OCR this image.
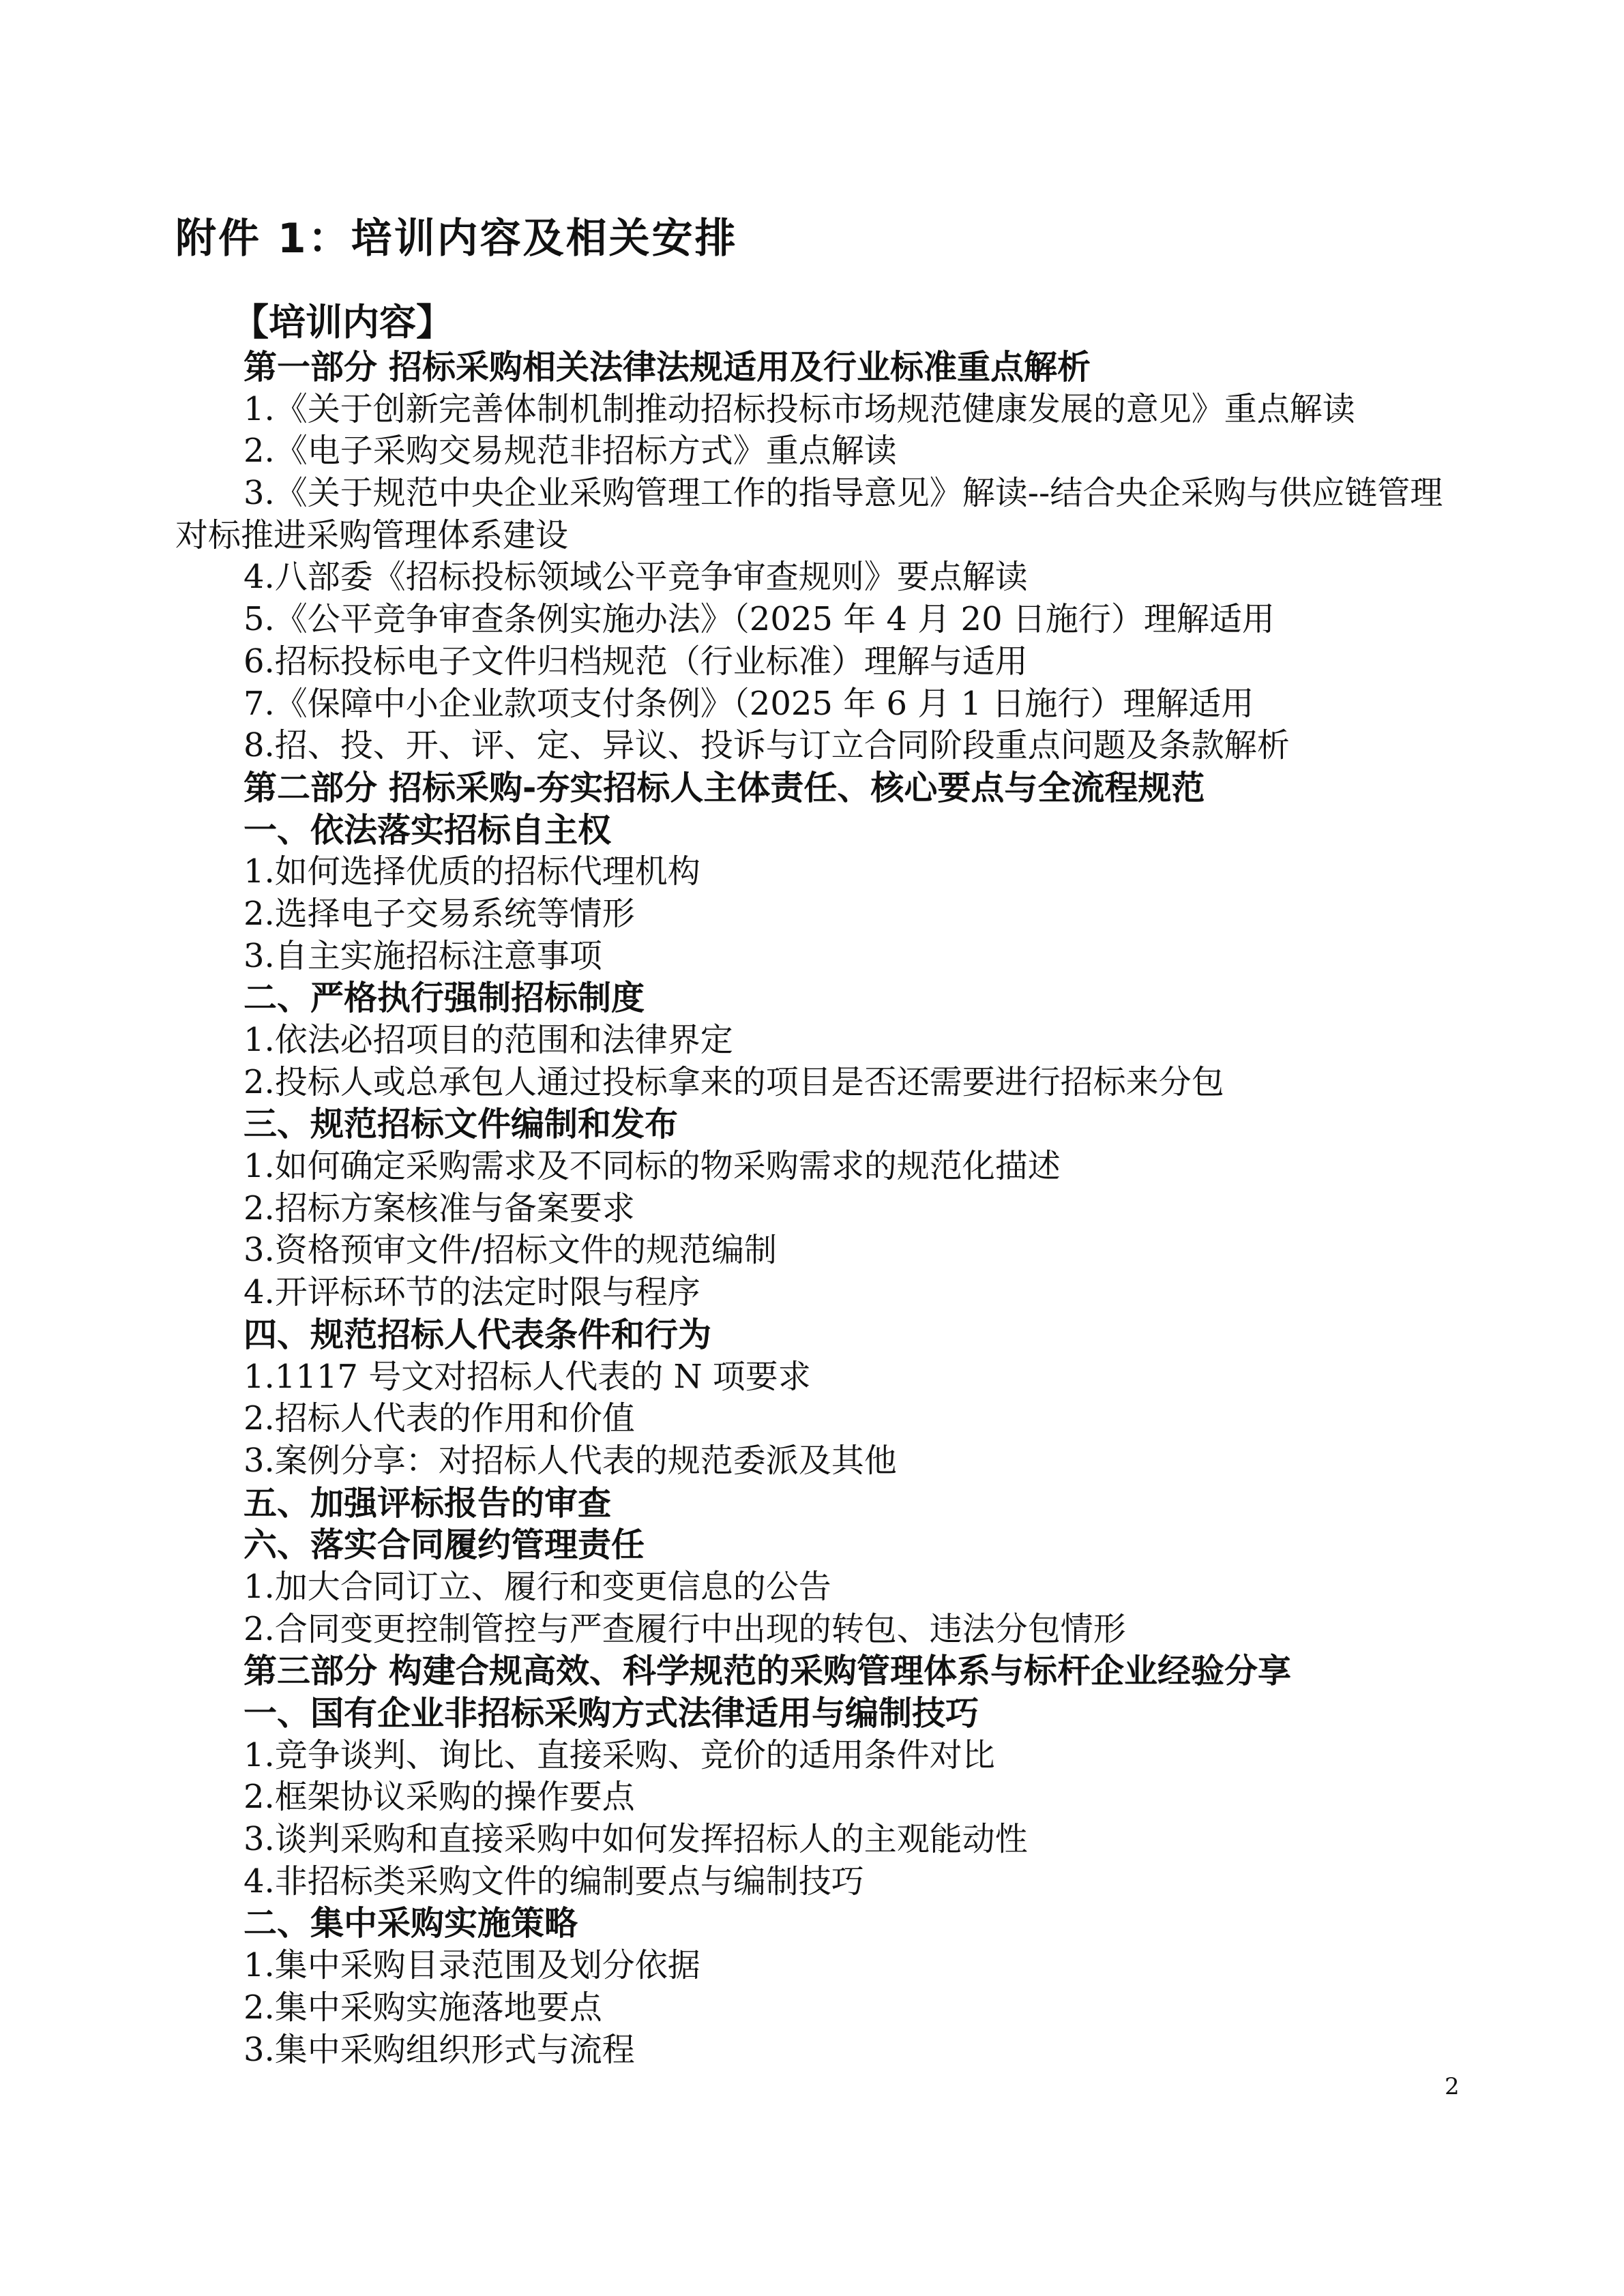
附件 1：培训内容及相关安排
【培训内容】
第一部分 招标采购相关法律法规适用及行业标准重点解析
1.《关于创新完善体制机制推动招标投标市场规范健康发展的意见》重点解读
2.《电子采购交易规范非招标方式》重点解读
3.《关于规范中央企业采购管理工作的指导意见》解读--结合央企采购与供应链管理对标推进采购管理体系建设
4.八部委《招标投标领域公平竞争审查规则》要点解读
5.《公平竞争审查条例实施办法》（2025 年 4 月 20 日施行）理解适用
6.招标投标电子文件归档规范（行业标准）理解与适用
7.《保障中小企业款项支付条例》（2025 年 6 月 1 日施行）理解适用
8.招、投、开、评、定、异议、投诉与订立合同阶段重点问题及条款解析
第二部分 招标采购-夯实招标人主体责任、核心要点与全流程规范
一、依法落实招标自主权
1.如何选择优质的招标代理机构
2.选择电子交易系统等情形
3.自主实施招标注意事项
二、严格执行强制招标制度
1.依法必招项目的范围和法律界定
2.投标人或总承包人通过投标拿来的项目是否还需要进行招标来分包
三、规范招标文件编制和发布
1.如何确定采购需求及不同标的物采购需求的规范化描述
2.招标方案核准与备案要求
3.资格预审文件/招标文件的规范编制
4.开评标环节的法定时限与程序
四、规范招标人代表条件和行为
1.1117 号文对招标人代表的 N 项要求
2.招标人代表的作用和价值
3.案例分享：对招标人代表的规范委派及其他
五、加强评标报告的审查
六、落实合同履约管理责任
1.加大合同订立、履行和变更信息的公告
2.合同变更控制管控与严查履行中出现的转包、违法分包情形
第三部分 构建合规高效、科学规范的采购管理体系与标杆企业经验分享
一、国有企业非招标采购方式法律适用与编制技巧
1.竞争谈判、询比、直接采购、竞价的适用条件对比
2.框架协议采购的操作要点
3.谈判采购和直接采购中如何发挥招标人的主观能动性
4.非招标类采购文件的编制要点与编制技巧
二、集中采购实施策略
1.集中采购目录范围及划分依据
2.集中采购实施落地要点
3.集中采购组织形式与流程
2
